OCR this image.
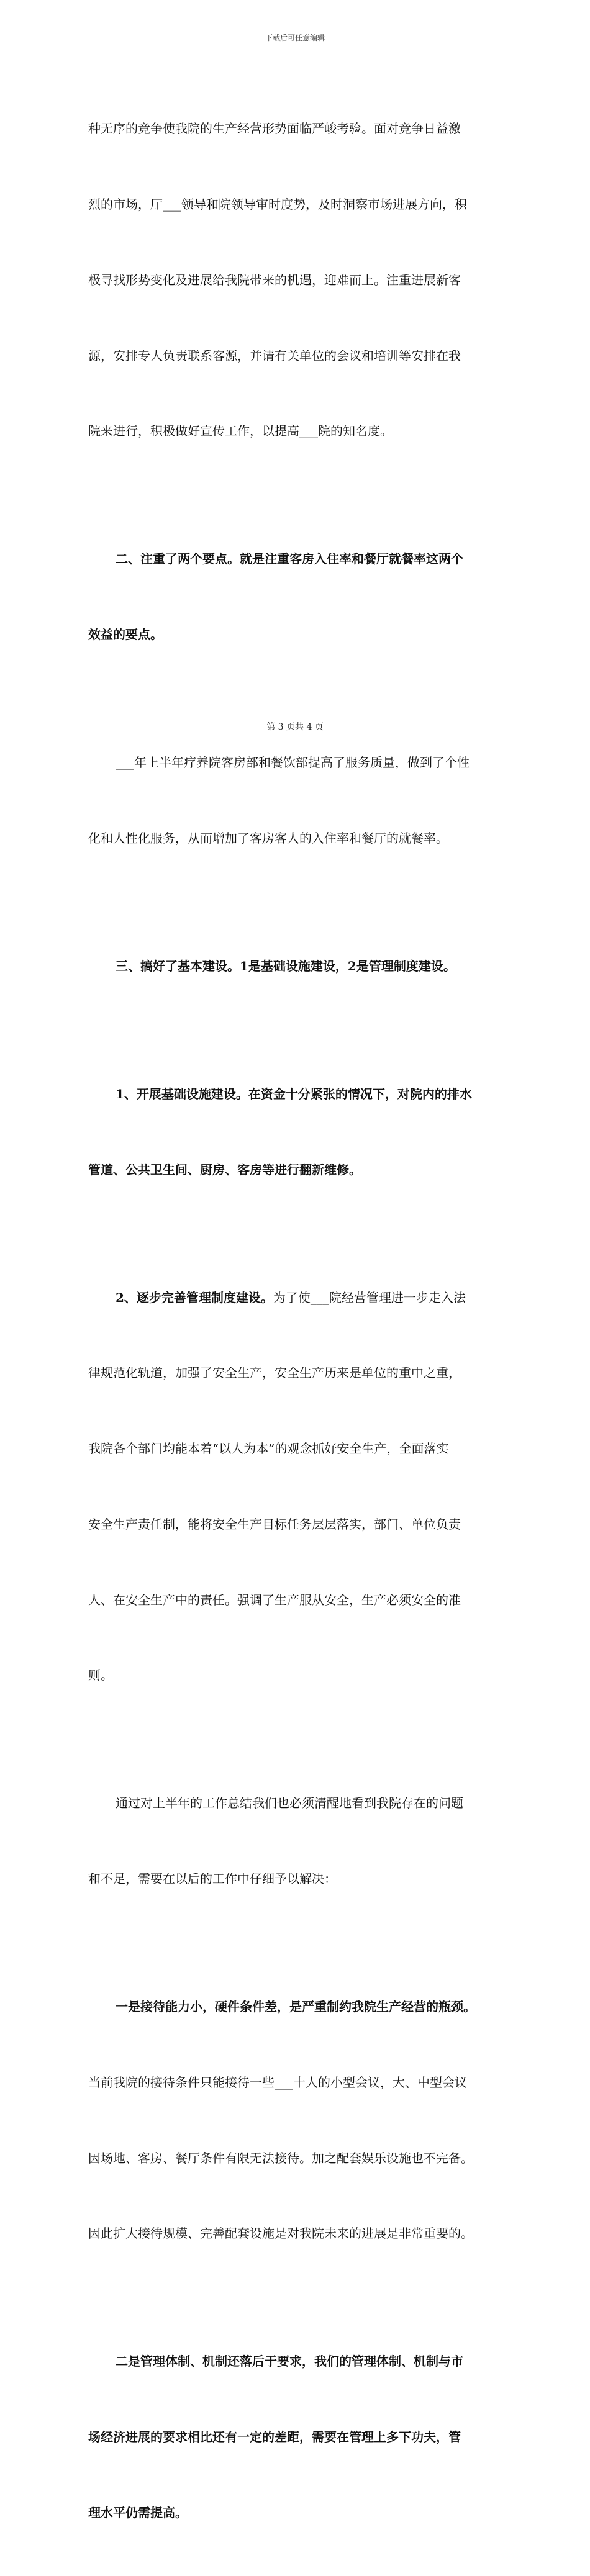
下载后可任意编辑

种无序的竞争使我院的生产经营形势面临严峻考验。面对竞争日益激

烈的市场，厅___领导和院领导审时度势，及时洞察市场进展方向，积

极寻找形势变化及进展给我院带来的机遇，迎难而上。注重进展新客

源，安排专人负责联系客源，并请有关单位的会议和培训等安排在我

院来进行，积极做好宣传工作，以提高___院的知名度。

二、注重了两个要点。就是注重客房入住率和餐厅就餐率这两个

效益的要点。

___年上半年疗养院客房部和餐饮部提高了服务质量，做到了个性

化和人性化服务，从而增加了客房客人的入住率和餐厅的就餐率。

三、搞好了基本建设。1是基础设施建设，2是管理制度建设。

1、开展基础设施建设。在资金十分紧张的情况下，对院内的排水

管道、公共卫生间、厨房、客房等进行翻新维修。

2、逐步完善管理制度建设。为了使___院经营管理进一步走入法

律规范化轨道，加强了安全生产，安全生产历来是单位的重中之重，

我院各个部门均能本着“以人为本”的观念抓好安全生产，全面落实

安全生产责任制，能将安全生产目标任务层层落实，部门、单位负责

人、在安全生产中的责任。强调了生产服从安全，生产必须安全的准

则。

通过对上半年的工作总结我们也必须清醒地看到我院存在的问题

和不足，需要在以后的工作中仔细予以解决：

一是接待能力小，硬件条件差，是严重制约我院生产经营的瓶颈。

当前我院的接待条件只能接待一些___十人的小型会议，大、中型会议

因场地、客房、餐厅条件有限无法接待。加之配套娱乐设施也不完备。

因此扩大接待规模、完善配套设施是对我院未来的进展是非常重要的。

二是管理体制、机制还落后于要求，我们的管理体制、机制与市

场经济进展的要求相比还有一定的差距，需要在管理上多下功夫，管

理水平仍需提高。

第 3 页共 4 页
